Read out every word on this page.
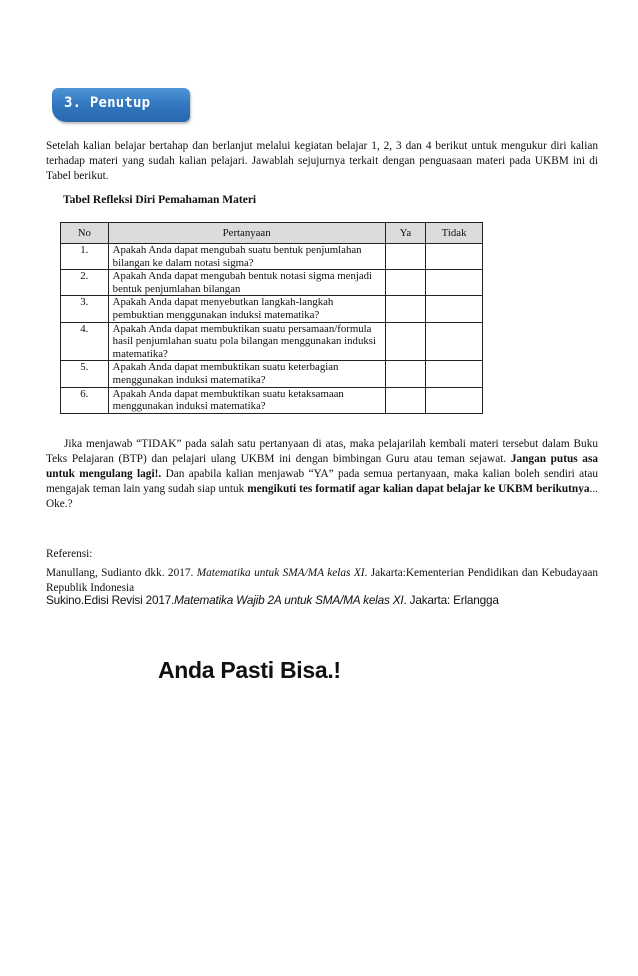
3. Penutup

Setelah kalian belajar bertahap dan berlanjut melalui kegiatan belajar 1, 2, 3 dan 4 berikut untuk mengukur diri kalian terhadap materi yang sudah kalian pelajari. Jawablah sejujurnya terkait dengan penguasaan materi pada UKBM ini di Tabel berikut.

Tabel Refleksi Diri Pemahaman Materi
No	Pertanyaan	Ya	Tidak
1.	Apakah Anda dapat mengubah suatu bentuk penjumlahan bilangan ke dalam notasi sigma?		
2.	Apakah Anda dapat mengubah bentuk notasi sigma menjadi bentuk penjumlahan bilangan		
3.	Apakah Anda dapat menyebutkan langkah-langkah pembuktian menggunakan induksi matematika?		
4.	Apakah Anda dapat membuktikan suatu persamaan/formula hasil penjumlahan suatu pola bilangan menggunakan induksi matematika?		
5.	Apakah Anda dapat membuktikan suatu keterbagian menggunakan induksi matematika?		
6.	Apakah Anda dapat membuktikan suatu ketaksamaan menggunakan induksi matematika?		

Jika menjawab “TIDAK” pada salah satu pertanyaan di atas, maka pelajarilah kembali materi tersebut dalam Buku Teks Pelajaran (BTP) dan pelajari ulang UKBM ini dengan bimbingan Guru atau teman sejawat. Jangan putus asa untuk mengulang lagi!. Dan apabila kalian menjawab “YA” pada semua pertanyaan, maka kalian boleh sendiri atau mengajak teman lain yang sudah siap untuk mengikuti tes formatif agar kalian dapat belajar ke UKBM berikutnya... Oke.?

Referensi:

Manullang, Sudianto dkk. 2017. Matematika untuk SMA/MA kelas XI. Jakarta:Kementerian Pendidikan dan Kebudayaan Republik Indonesia

Sukino.Edisi Revisi 2017.Matematika Wajib 2A untuk SMA/MA kelas XI. Jakarta: Erlangga
Anda Pasti Bisa.!
